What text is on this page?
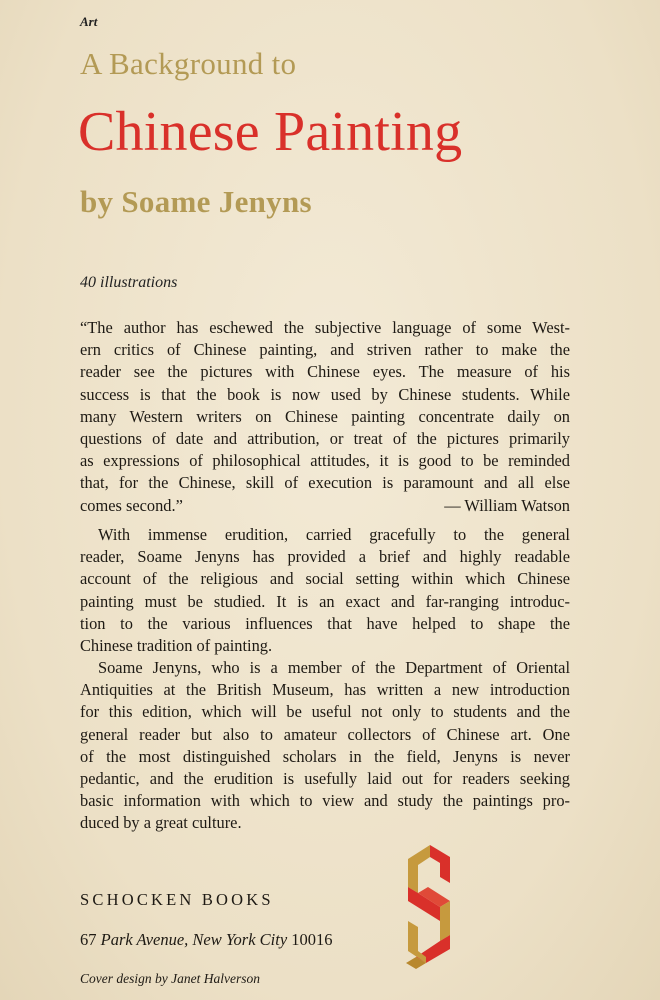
Art
A Background to
Chinese Painting
by Soame Jenyns
40 illustrations
“The author has eschewed the subjective language of some West-
ern critics of Chinese painting, and striven rather to make the
reader see the pictures with Chinese eyes. The measure of his
success is that the book is now used by Chinese students. While
many Western writers on Chinese painting concentrate daily on
questions of date and attribution, or treat of the pictures primarily
as expressions of philosophical attitudes, it is good to be reminded
that, for the Chinese, skill of execution is paramount and all else
comes second.”	— William Watson
With immense erudition, carried gracefully to the general
reader, Soame Jenyns has provided a brief and highly readable
account of the religious and social setting within which Chinese
painting must be studied. It is an exact and far-ranging introduc-
tion to the various influences that have helped to shape the
Chinese tradition of painting.
Soame Jenyns, who is a member of the Department of Oriental
Antiquities at the British Museum, has written a new introduction
for this edition, which will be useful not only to students and the
general reader but also to amateur collectors of Chinese art. One
of the most distinguished scholars in the field, Jenyns is never
pedantic, and the erudition is usefully laid out for readers seeking
basic information with which to view and study the paintings pro-
duced by a great culture.
SCHOCKEN BOOKS
67 Park Avenue, New York City 10016
Cover design by Janet Halverson
